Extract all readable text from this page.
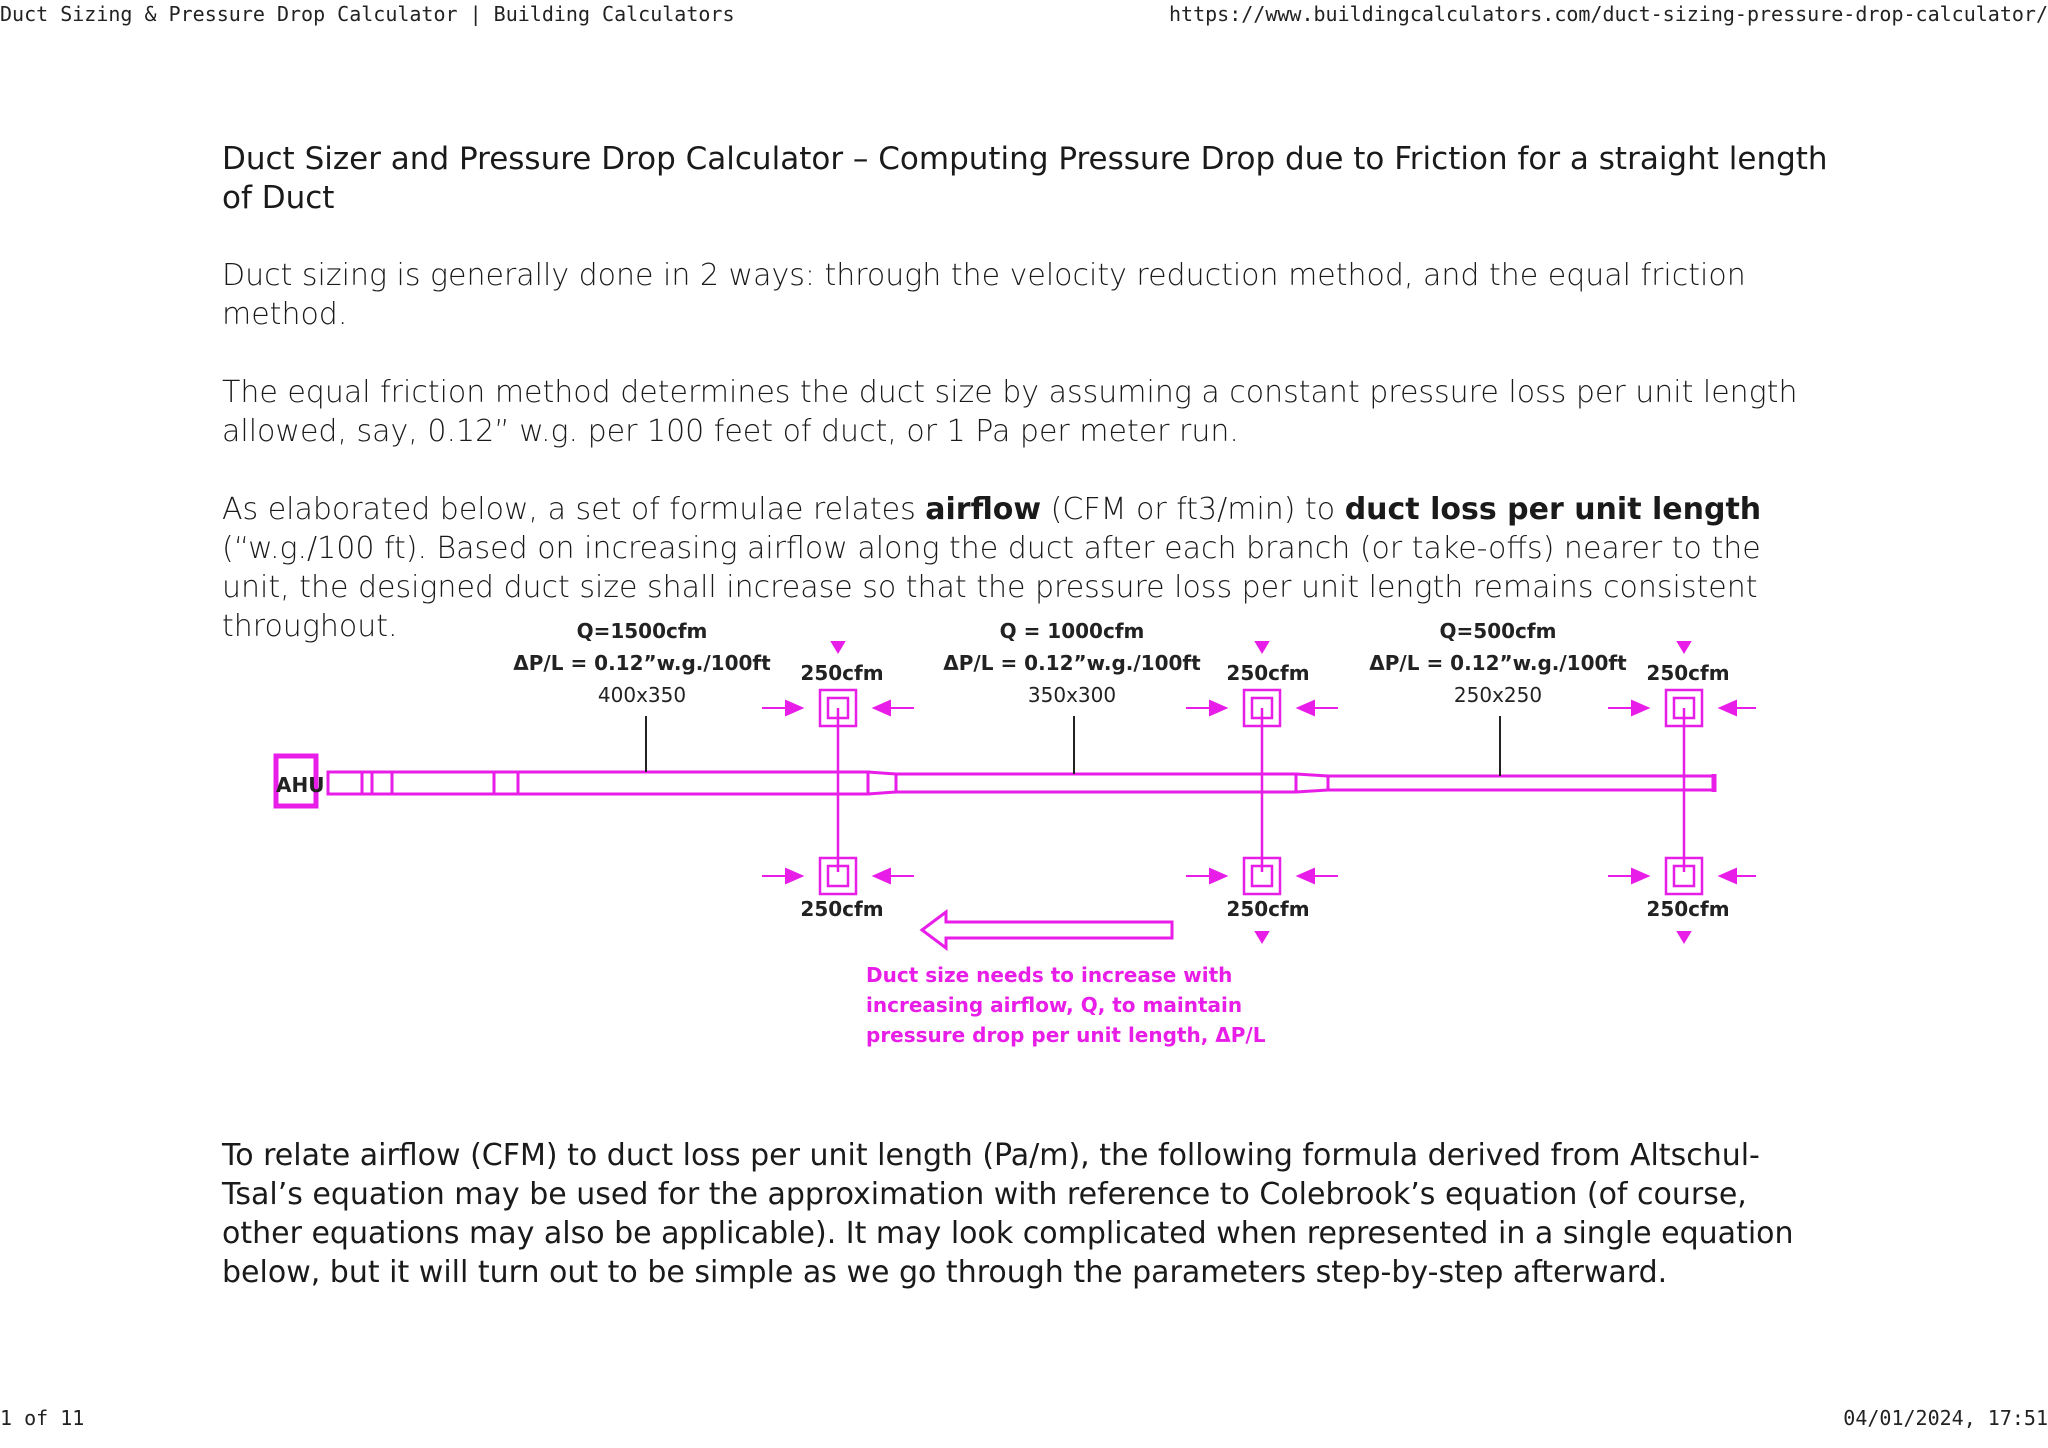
Duct Sizing & Pressure Drop Calculator | Building Calculators	https://www.buildingcalculators.com/duct-sizing-pressure-drop-calculator/
Duct Sizer and Pressure Drop Calculator – Computing Pressure Drop due to Friction for a straight length of Duct

Duct sizing is generally done in 2 ways: through the velocity reduction method, and the equal friction method.

The equal friction method determines the duct size by assuming a constant pressure loss per unit length allowed, say, 0.12” w.g. per 100 feet of duct, or 1 Pa per meter run.

As elaborated below, a set of formulae relates airflow (CFM or ft3/min) to duct loss per unit length (“w.g./100 ft). Based on increasing airflow along the duct after each branch (or take-offs) nearer to the unit, the designed duct size shall increase so that the pressure loss per unit length remains consistent throughout.

AHU
Q=1500cfm
ΔP/L = 0.12”w.g./100ft
400x350
Q = 1000cfm
ΔP/L = 0.12”w.g./100ft
350x300
Q=500cfm
ΔP/L = 0.12”w.g./100ft
250x250
250cfm	250cfm	250cfm
250cfm	250cfm	250cfm
Duct size needs to increase with
increasing airflow, Q, to maintain
pressure drop per unit length, ΔP/L

To relate airflow (CFM) to duct loss per unit length (Pa/m), the following formula derived from Altschul-Tsal’s equation may be used for the approximation with reference to Colebrook’s equation (of course, other equations may also be applicable). It may look complicated when represented in a single equation below, but it will turn out to be simple as we go through the parameters step-by-step afterward.

1 of 11	04/01/2024, 17:51
